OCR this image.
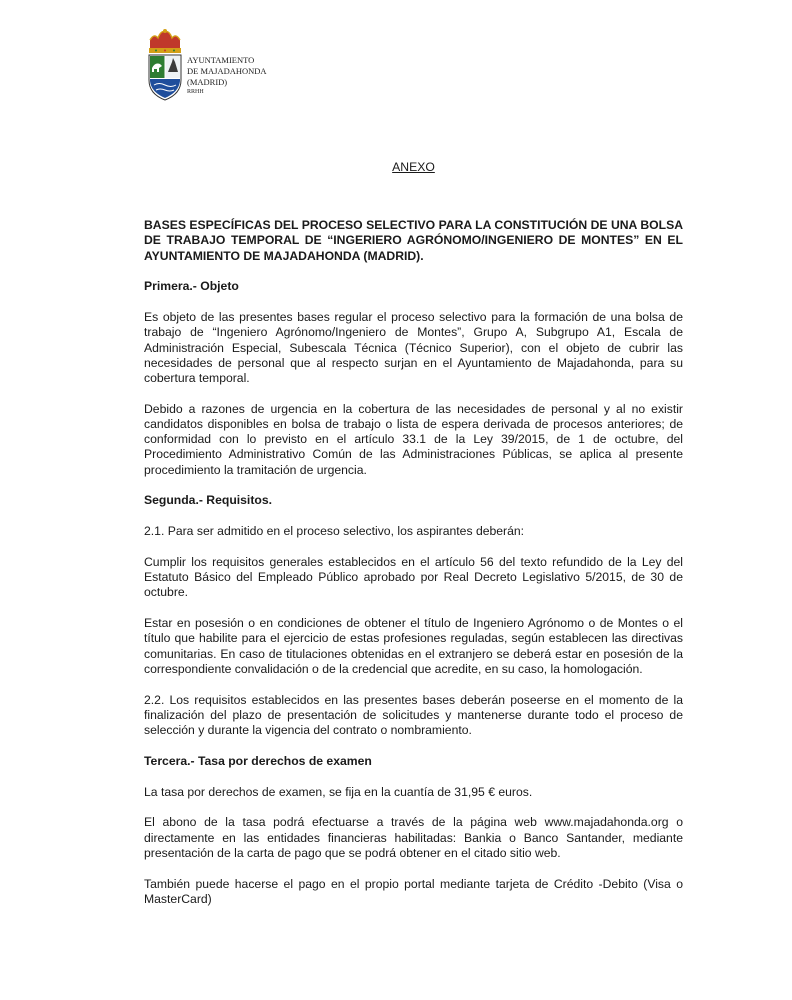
AYUNTAMIENTO
DE MAJADAHONDA
(MADRID)
RRHH

ANEXO

BASES ESPECÍFICAS DEL PROCESO SELECTIVO PARA LA CONSTITUCIÓN DE UNA BOLSA DE TRABAJO TEMPORAL DE “INGERIERO AGRÓNOMO/INGENIERO DE MONTES” EN EL AYUNTAMIENTO DE MAJADAHONDA (MADRID).

Primera.- Objeto

Es objeto de las presentes bases regular el proceso selectivo para la formación de una bolsa de trabajo de “Ingeniero Agrónomo/Ingeniero de Montes”, Grupo A, Subgrupo A1, Escala de Administración Especial, Subescala Técnica (Técnico Superior), con el objeto de cubrir las necesidades de personal que al respecto surjan en el Ayuntamiento de Majadahonda, para su cobertura temporal.

Debido a razones de urgencia en la cobertura de las necesidades de personal y al no existir candidatos disponibles en bolsa de trabajo o lista de espera derivada de procesos anteriores; de conformidad con lo previsto en el artículo 33.1 de la Ley 39/2015, de 1 de octubre, del Procedimiento Administrativo Común de las Administraciones Públicas, se aplica al presente procedimiento la tramitación de urgencia.

Segunda.- Requisitos.

2.1. Para ser admitido en el proceso selectivo, los aspirantes deberán:

Cumplir los requisitos generales establecidos en el artículo 56 del texto refundido de la Ley del Estatuto Básico del Empleado Público aprobado por Real Decreto Legislativo 5/2015, de 30 de octubre.

Estar en posesión o en condiciones de obtener el título de Ingeniero Agrónomo o de Montes o el título que habilite para el ejercicio de estas profesiones reguladas, según establecen las directivas comunitarias. En caso de titulaciones obtenidas en el extranjero se deberá estar en posesión de la correspondiente convalidación o de la credencial que acredite, en su caso, la homologación.

2.2. Los requisitos establecidos en las presentes bases deberán poseerse en el momento de la finalización del plazo de presentación de solicitudes y mantenerse durante todo el proceso de selección y durante la vigencia del contrato o nombramiento.

Tercera.- Tasa por derechos de examen

La tasa por derechos de examen, se fija en la cuantía de 31,95 € euros.

El abono de la tasa podrá efectuarse a través de la página web www.majadahonda.org o directamente en las entidades financieras habilitadas: Bankia o Banco Santander, mediante presentación de la carta de pago que se podrá obtener en el citado sitio web.

También puede hacerse el pago en el propio portal mediante tarjeta de Crédito -Debito (Visa o MasterCard)
